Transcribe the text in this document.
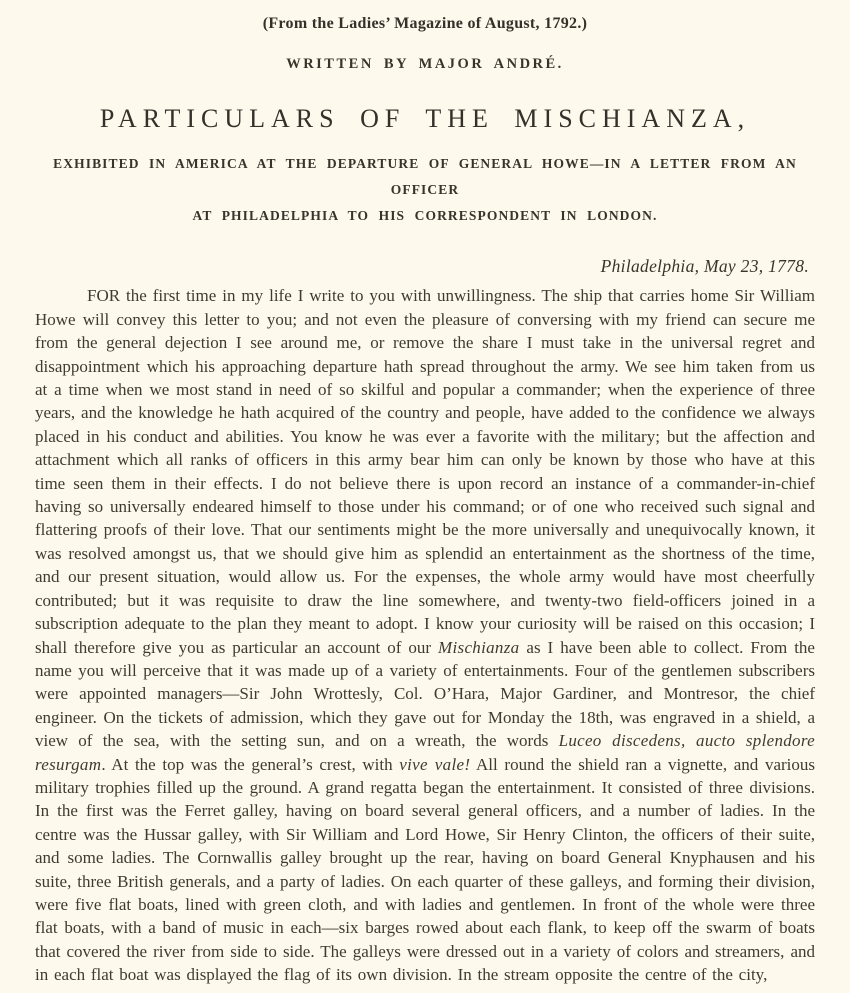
(From the Ladies’ Magazine of August, 1792.)
WRITTEN BY MAJOR ANDRÉ.
PARTICULARS OF THE MISCHIANZA,
EXHIBITED IN AMERICA AT THE DEPARTURE OF GENERAL HOWE—IN A LETTER FROM AN OFFICER
AT PHILADELPHIA TO HIS CORRESPONDENT IN LONDON.
Philadelphia, May 23, 1778.

FOR the first time in my life I write to you with unwillingness. The ship that carries home Sir William Howe will convey this letter to you; and not even the pleasure of conversing with my friend can secure me from the general dejection I see around me, or remove the share I must take in the universal regret and disappointment which his approaching departure hath spread throughout the army. We see him taken from us at a time when we most stand in need of so skilful and popular a commander; when the experience of three years, and the knowledge he hath acquired of the country and people, have added to the confidence we always placed in his conduct and abilities. You know he was ever a favorite with the military; but the affection and attachment which all ranks of officers in this army bear him can only be known by those who have at this time seen them in their effects. I do not believe there is upon record an instance of a commander-in-chief having so universally endeared himself to those under his command; or of one who received such signal and flattering proofs of their love. That our sentiments might be the more universally and unequivocally known, it was resolved amongst us, that we should give him as splendid an entertainment as the shortness of the time, and our present situation, would allow us. For the expenses, the whole army would have most cheerfully contributed; but it was requisite to draw the line somewhere, and twenty-two field-officers joined in a subscription adequate to the plan they meant to adopt. I know your curiosity will be raised on this occasion; I shall therefore give you as particular an account of our Mischianza as I have been able to collect. From the name you will perceive that it was made up of a variety of entertainments. Four of the gentlemen subscribers were appointed managers—Sir John Wrottesly, Col. O’Hara, Major Gardiner, and Montresor, the chief engineer. On the tickets of admission, which they gave out for Monday the 18th, was engraved in a shield, a view of the sea, with the setting sun, and on a wreath, the words Luceo discedens, aucto splendore resurgam. At the top was the general’s crest, with vive vale! All round the shield ran a vignette, and various military trophies filled up the ground. A grand regatta began the entertainment. It consisted of three divisions. In the first was the Ferret galley, having on board several general officers, and a number of ladies. In the centre was the Hussar galley, with Sir William and Lord Howe, Sir Henry Clinton, the officers of their suite, and some ladies. The Cornwallis galley brought up the rear, having on board General Knyphausen and his suite, three British generals, and a party of ladies. On each quarter of these galleys, and forming their division, were five flat boats, lined with green cloth, and with ladies and gentlemen. In front of the whole were three flat boats, with a band of music in each—six barges rowed about each flank, to keep off the swarm of boats that covered the river from side to side. The galleys were dressed out in a variety of colors and streamers, and in each flat boat was displayed the flag of its own division. In the stream opposite the centre of the city,
